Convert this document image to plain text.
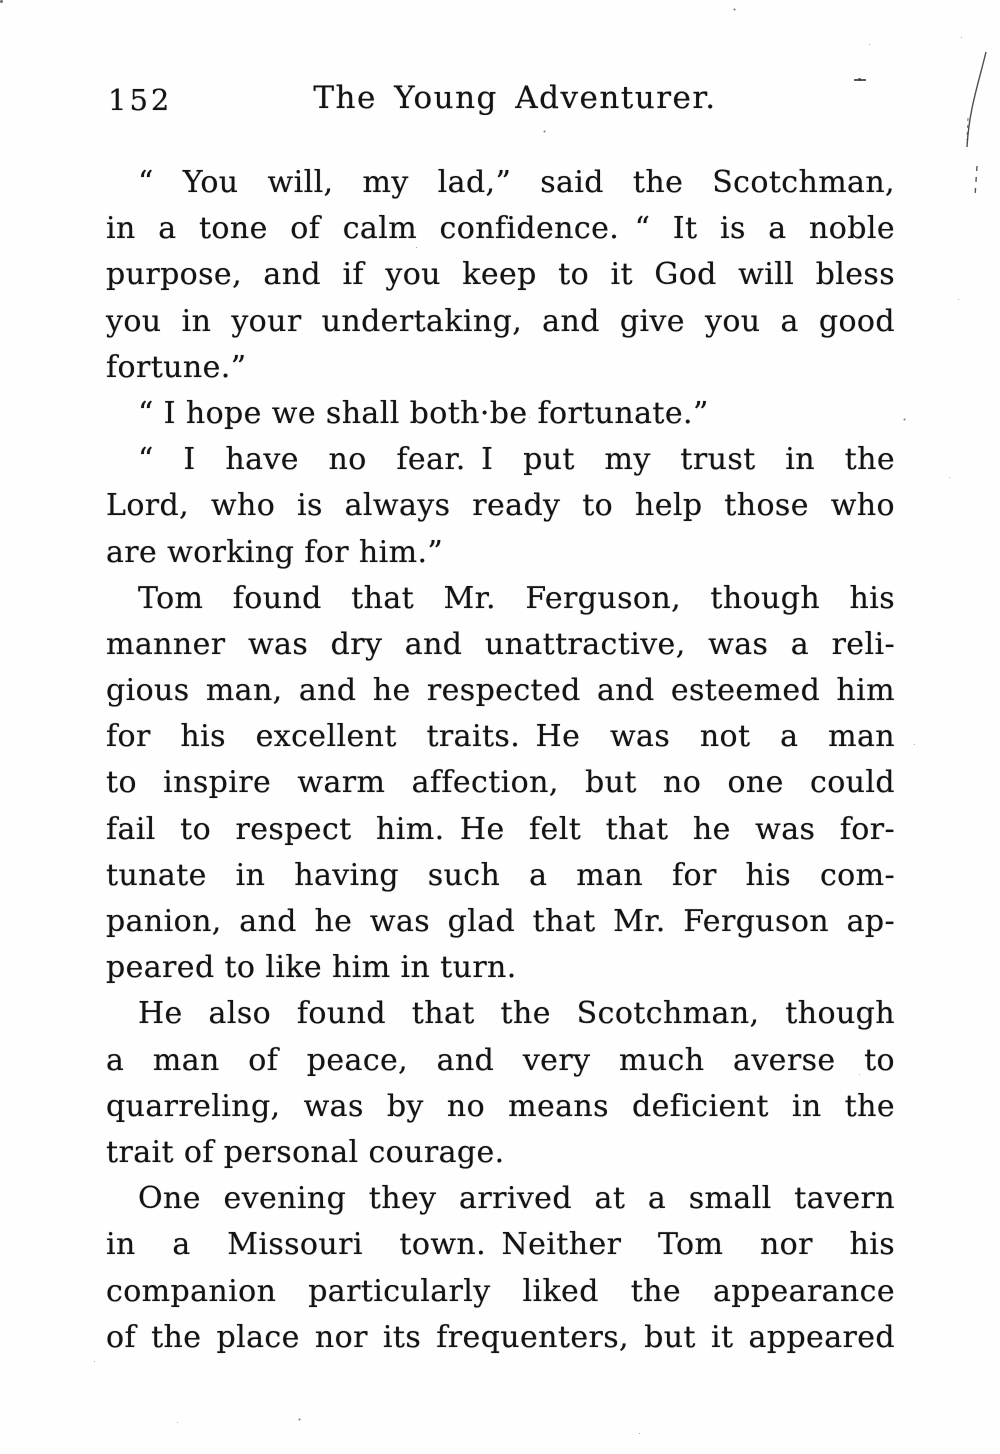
152	The Young Adventurer.
“ You will, my lad,” said the Scotchman,
in a tone of calm confidence. “ It is a noble
purpose, and if you keep to it God will bless
you in your undertaking, and give you a good
fortune.”
“ I hope we shall both·be fortunate.”
“ I have no fear. I put my trust in the
Lord, who is always ready to help those who
are working for him.”
Tom found that Mr. Ferguson, though his
manner was dry and unattractive, was a reli-
gious man, and he respected and esteemed him
for his excellent traits. He was not a man
to inspire warm affection, but no one could
fail to respect him. He felt that he was for-
tunate in having such a man for his com-
panion, and he was glad that Mr. Ferguson ap-
peared to like him in turn.
He also found that the Scotchman, though
a man of peace, and very much averse to
quarreling, was by no means deficient in the
trait of personal courage.
One evening they arrived at a small tavern
in a Missouri town. Neither Tom nor his
companion particularly liked the appearance
of the place nor its frequenters, but it appeared
